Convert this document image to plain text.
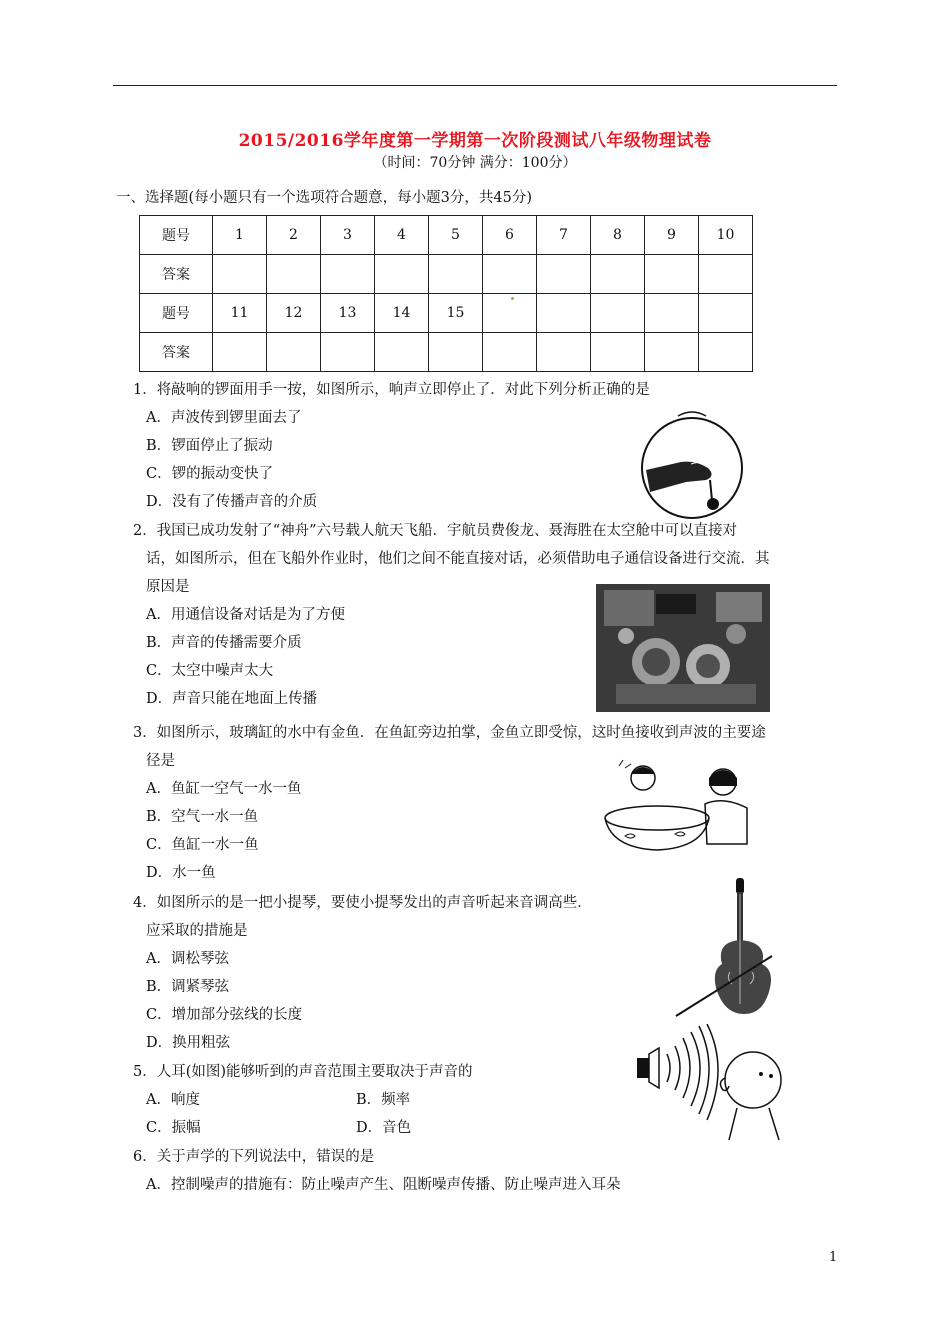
2015/2016学年度第一学期第一次阶段测试八年级物理试卷
（时间：70分钟 满分：100分）
一、选择题(每小题只有一个选项符合题意，每小题3分，共45分)
题号	1	2	3	4	5	6	7	8	9	10
答案										
题号	11	12	13	14	15					
答案										
1．将敲响的锣面用手一按，如图所示，响声立即停止了．对此下列分析正确的是
A．声波传到锣里面去了
B．锣面停止了振动
C．锣的振动变快了
D．没有了传播声音的介质
2．我国已成功发射了“神舟”六号载人航天飞船．宇航员费俊龙、聂海胜在太空舱中可以直接对
话，如图所示，但在飞船外作业时，他们之间不能直接对话，必须借助电子通信设备进行交流．其
原因是
A．用通信设备对话是为了方便
B．声音的传播需要介质
C．太空中噪声太大
D．声音只能在地面上传播
3．如图所示，玻璃缸的水中有金鱼．在鱼缸旁边拍掌，金鱼立即受惊，这时鱼接收到声波的主要途
径是
A．鱼缸一空气一水一鱼
B．空气一水一鱼
C．鱼缸一水一鱼
D．水一鱼
4．如图所示的是一把小提琴，要使小提琴发出的声音听起来音调高些．
应采取的措施是
A．调松琴弦
B．调紧琴弦
C．增加部分弦线的长度
D．换用粗弦
5．人耳(如图)能够听到的声音范围主要取决于声音的
A．响度	B．频率
C．振幅	D．音色
6．关于声学的下列说法中，错误的是
A．控制噪声的措施有：防止噪声产生、阻断噪声传播、防止噪声进入耳朵
1
